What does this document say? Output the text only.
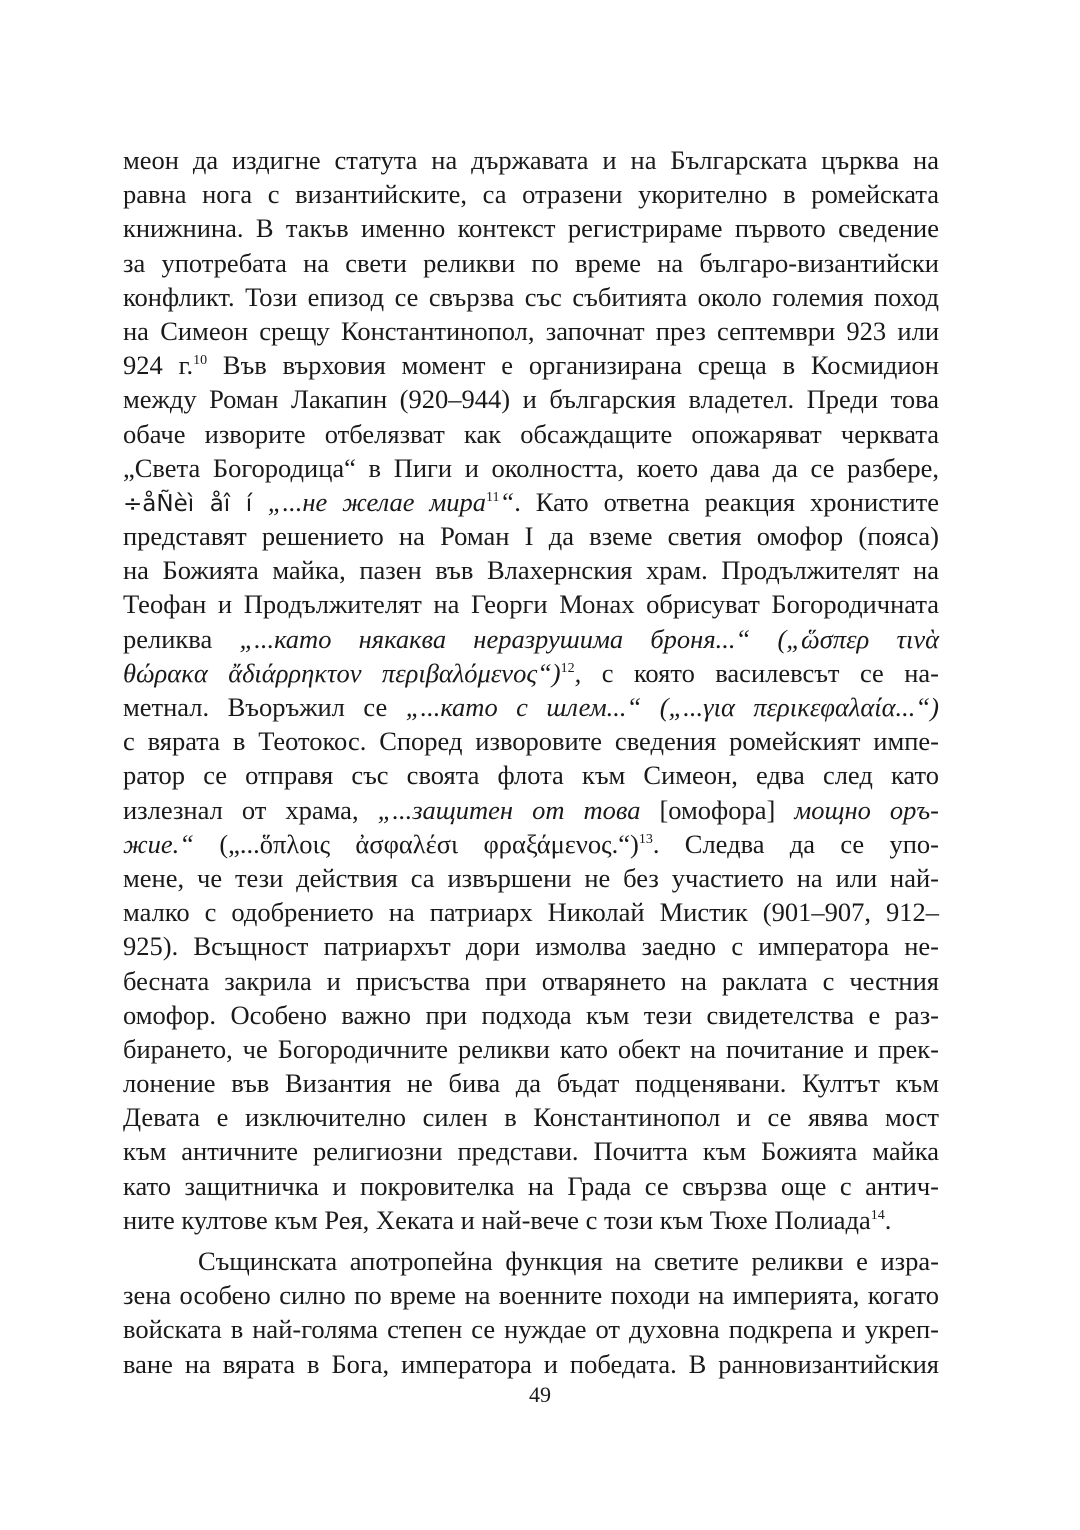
меон да издигне статута на държавата и на Българската църква на
равна нога с византийските, са отразени укорително в ромейската
книжнина. В такъв именно контекст регистрираме първото сведение
за употребата на свети реликви по време на българо-византийски
конфликт. Този епизод се свързва със събитията около големия поход
на Симеон срещу Константинопол, започнат през септември 923 или
924 г.$^{10}$ Във върховия момент е организирана среща в Космидион
между Роман Лакапин (920–944) и българския владетел. Преди това
обаче изворите отбелязват как обсаждащите опожаряват черквата
„Света Богородица“ в Пиги и околността, което дава да се разбере,
÷åÑèì åî í „...не желае мира$^{11}$“. Като ответна реакция хронистите
представят решението на Роман I да вземе светия омофор (пояса)
на Божията майка, пазен във Влахернския храм. Продължителят на
Теофан и Продължителят на Георги Монах обрисуват Богородичната
реликва „...като някаква неразрушима броня...“ („ὥσπερ τινὰ
θώρακα ἄδιάρρηκτον περιβαλόμενος“)$^{12}$, с която василевсът се на-
метнал. Въоръжил се „...като с шлем...“ („...για περικεφαλαία...“)
с вярата в Теотокос. Според изворовите сведения ромейският импе-
ратор се отправя със своята флота към Симеон, едва след като
излезнал от храма, „...защитен от това [омофора] мощно оръ-
жие.“ („...ὅπλοις ἀσφαλέσι φραξάμενος.“)$^{13}$. Следва да се упо-
мене, че тези действия са извършени не без участието на или най-
малко с одобрението на патриарх Николай Мистик (901–907, 912–
925). Всъщност патриархът дори измолва заедно с императора не-
бесната закрила и присъства при отварянето на раклата с честния
омофор. Особено важно при подхода към тези свидетелства е раз-
бирането, че Богородичните реликви като обект на почитание и прек-
лонение във Византия не бива да бъдат подценявани. Култът към
Девата е изключително силен в Константинопол и се явява мост
към античните религиозни представи. Почитта към Божията майка
като защитничка и покровителка на Града се свързва още с антич-
ните култове към Рея, Хеката и най-вече с този към Тюхе Полиада$^{14}$.

Същинската апотропейна функция на светите реликви е изра-
зена особено силно по време на военните походи на империята, когато
войската в най-голяма степен се нуждае от духовна подкрепа и укреп-
ване на вярата в Бога, императора и победата. В ранновизантийския

49
